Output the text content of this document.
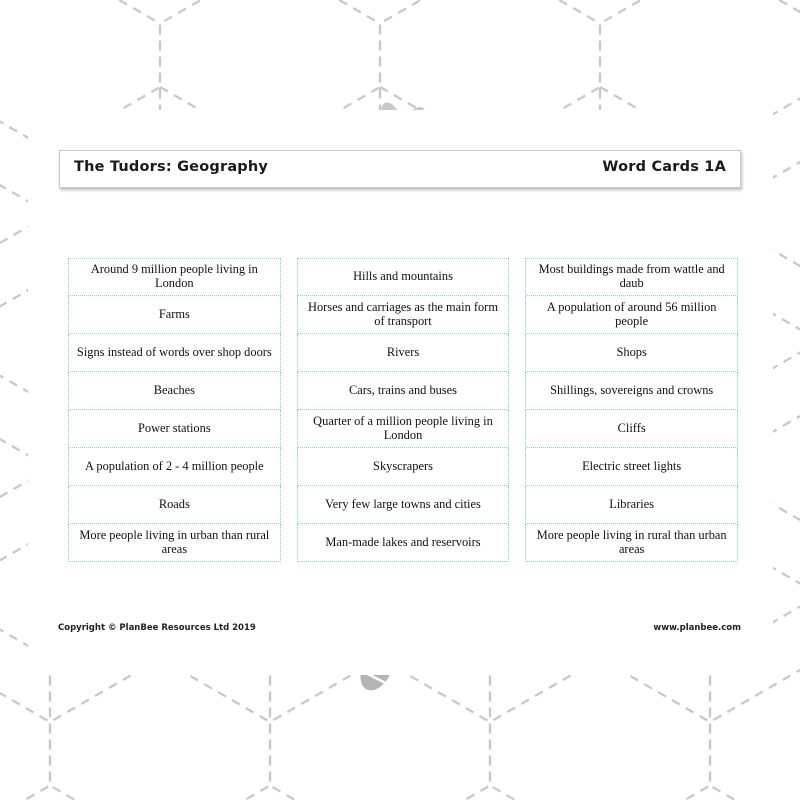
The Tudors: Geography	Word Cards 1A
Around 9 million people living in London
Farms
Signs instead of words over shop doors
Beaches
Power stations
A population of 2 - 4 million people
Roads
More people living in urban than rural areas
Hills and mountains
Horses and carriages as the main form of transport
Rivers
Cars, trains and buses
Quarter of a million people living in London
Skyscrapers
Very few large towns and cities
Man-made lakes and reservoirs
Most buildings made from wattle and daub
A population of around 56 million people
Shops
Shillings, sovereigns and crowns
Cliffs
Electric street lights
Libraries
More people living in rural than urban areas
Copyright © PlanBee Resources Ltd 2019	www.planbee.com
